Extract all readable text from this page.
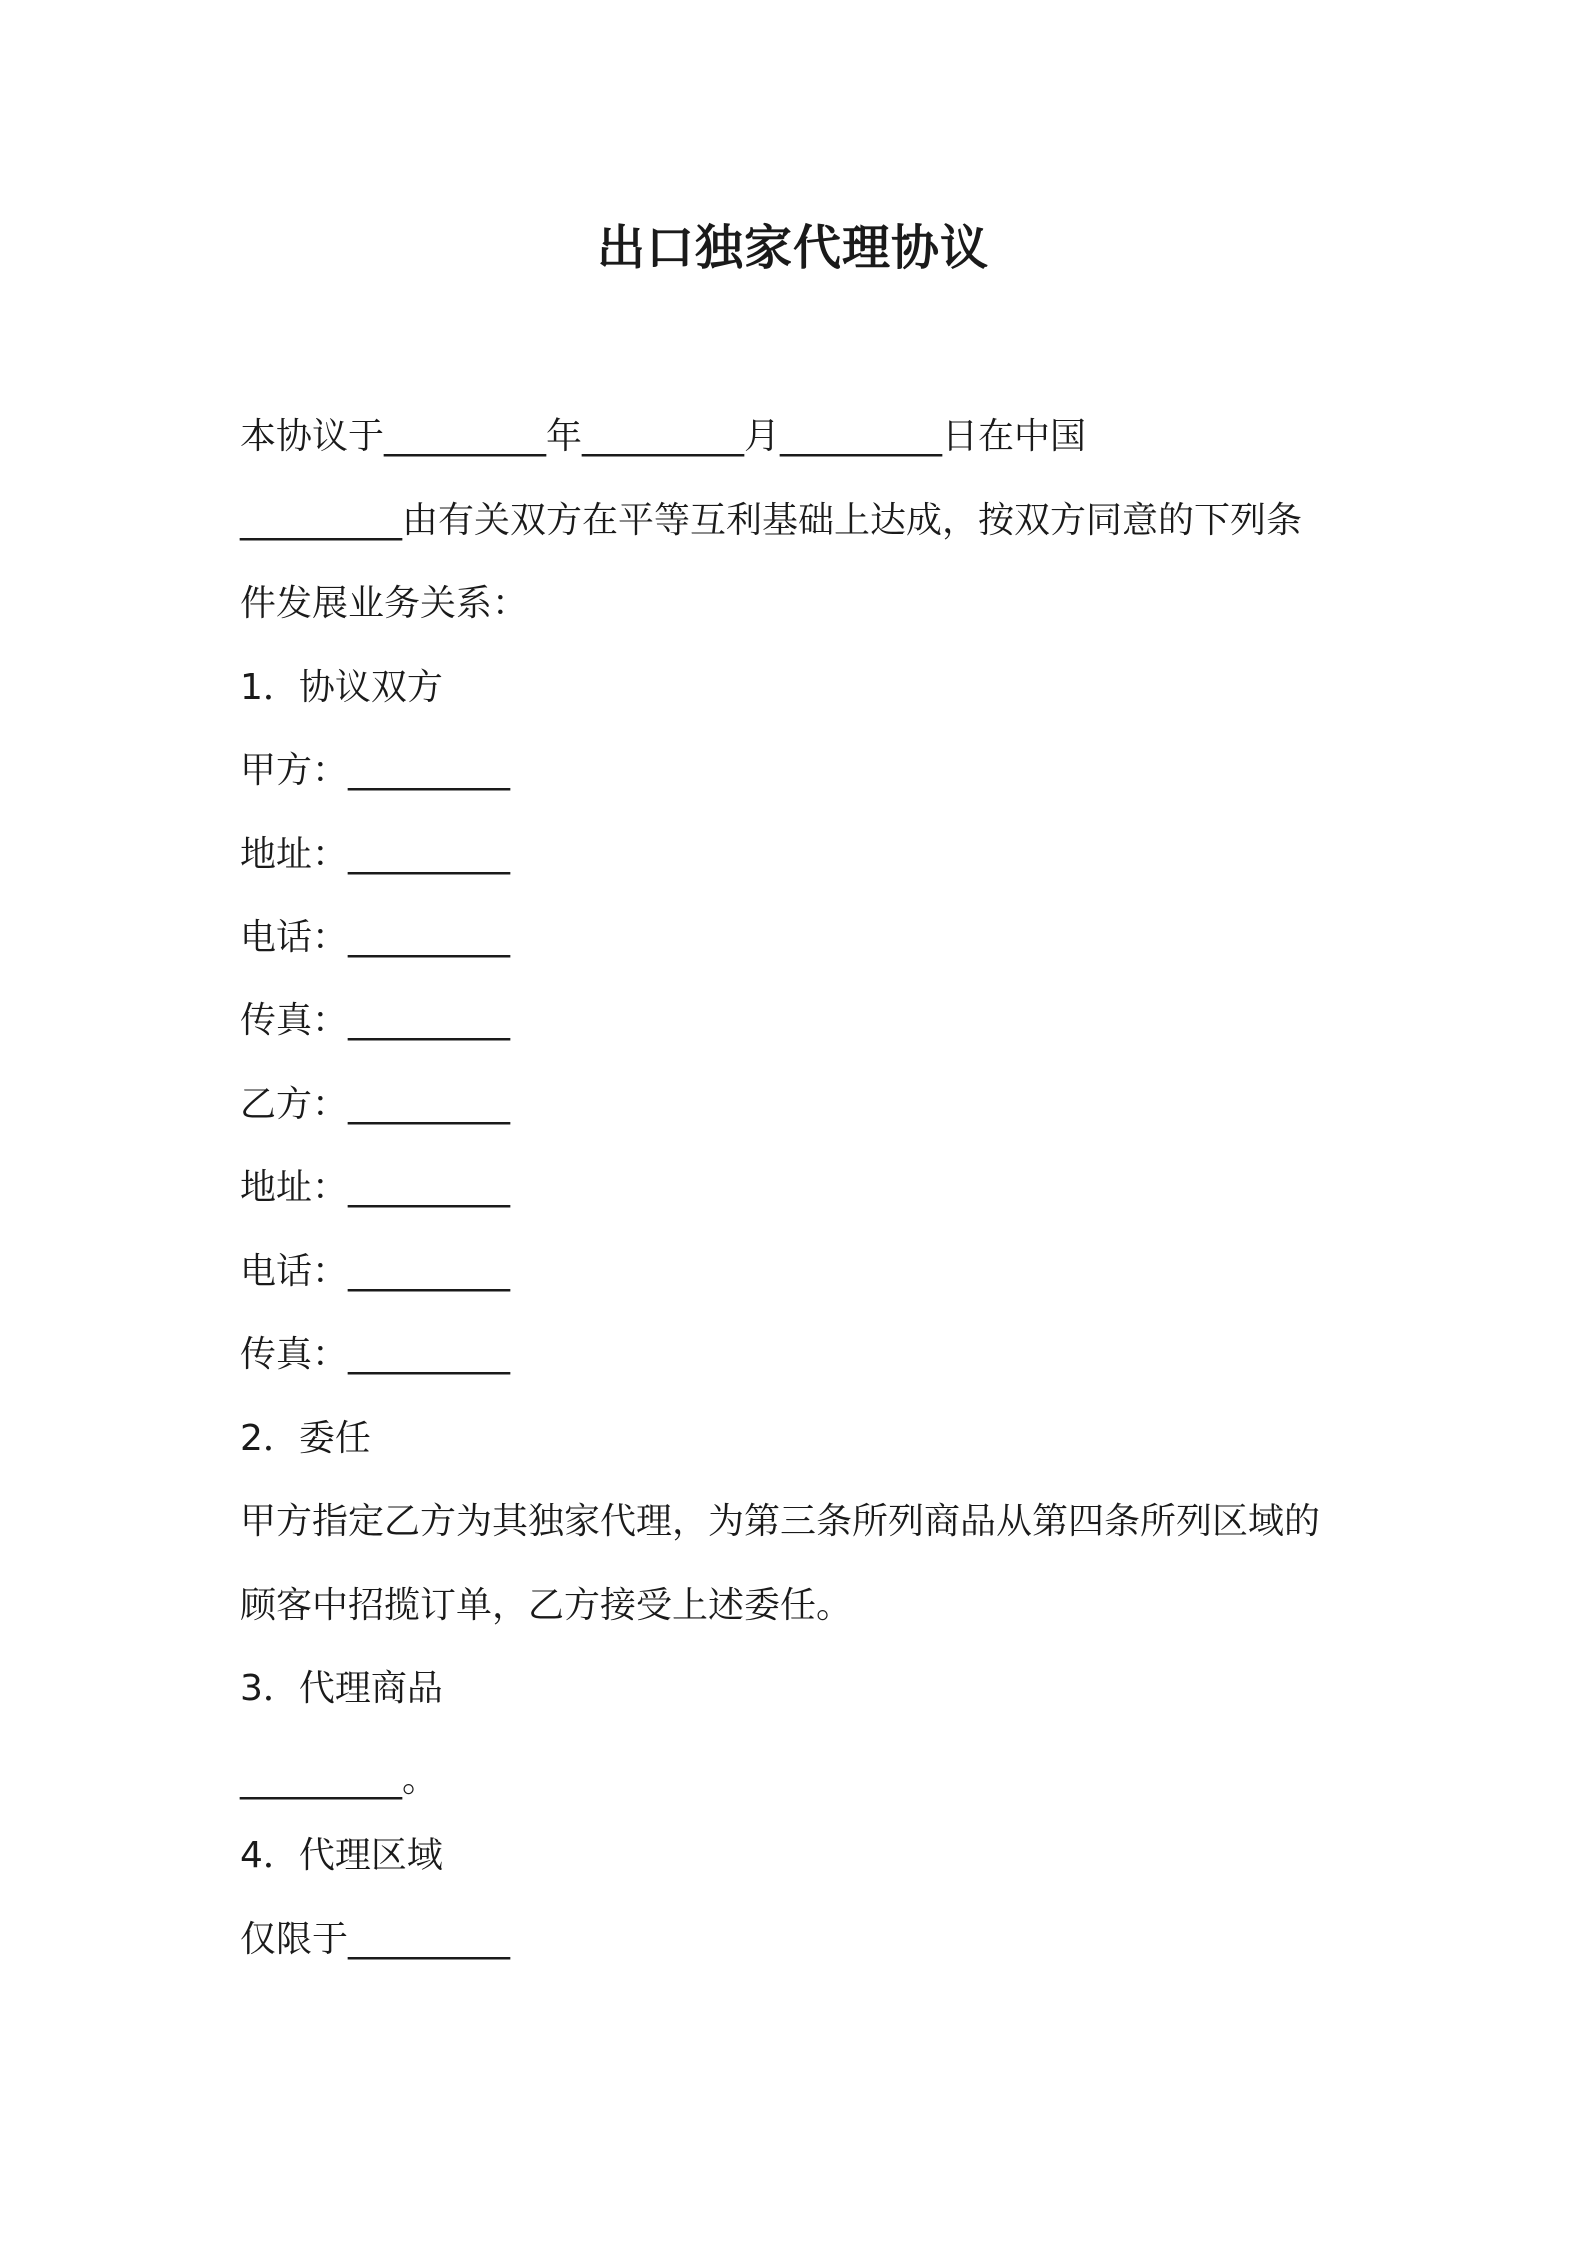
出口独家代理协议
本协议于_________年_________月_________日在中国
_________由有关双方在平等互利基础上达成，按双方同意的下列条
件发展业务关系：
1．协议双方
甲方：_________
地址：_________
电话：_________
传真：_________
乙方：_________
地址：_________
电话：_________
传真：_________
2．委任
甲方指定乙方为其独家代理，为第三条所列商品从第四条所列区域的
顾客中招揽订单，乙方接受上述委任。
3．代理商品
_________。
4．代理区域
仅限于_________
